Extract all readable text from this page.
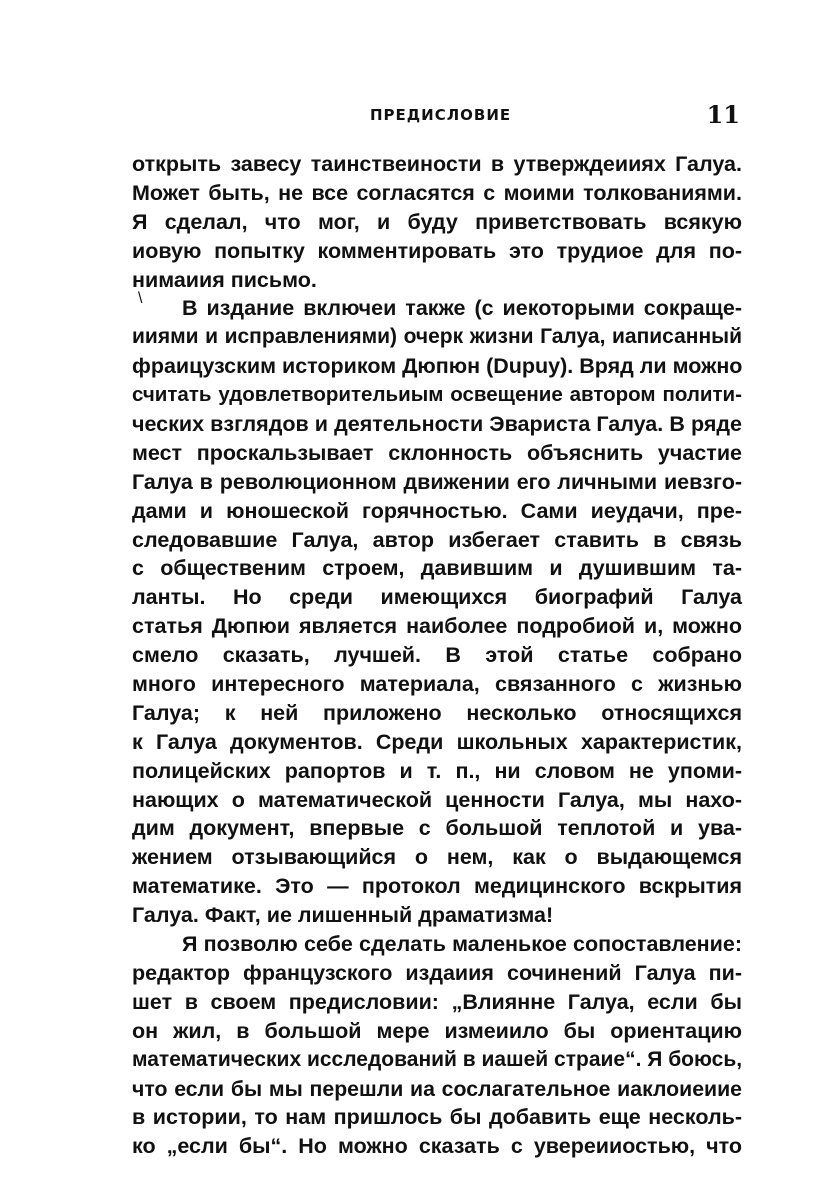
ПРЕДИСЛОВИЕ	11
\
открыть завесу таинствеиности в утверждеииях Галуа.
Может быть, не все согласятся с моими толкованиями.
Я сделал, что мог, и буду приветствовать всякую
иовую попытку комментировать это трудиое для по-
нимаиия письмо.
В издание включеи также (с иекоторыми сокраще-
ииями и исправлениями) очерк жизни Галуа, иаписанный
фраицузским историком Дюпюн (Dupuy). Вряд ли можно
считать удовлетворительиым освещение автором полити-
ческих взглядов и деятельности Эвариста Галуа. В ряде
мест проскальзывает склонность объяснить участие
Галуа в революционном движении его личными иевзго-
дами и юношеской горячностью. Сами иеудачи, пре-
следовавшие Галуа, автор избегает ставить в связь
с общественим строем, давившим и душившим та-
ланты. Но среди имеющихся биографий Галуа
статья Дюпюи является наиболее подробиой и, можно
смело сказать, лучшей. В этой статье собрано
много интересного материала, связанного с жизнью
Галуа; к ней приложено несколько относящихся
к Галуа документов. Среди школьных характеристик,
полицейских рапортов и т. п., ни словом не упоми-
нающих о математической ценности Галуа, мы нахо-
дим документ, впервые с большой теплотой и ува-
жением отзывающийся о нем, как о выдающемся
математике. Это — протокол медицинского вскрытия
Галуа. Факт, ие лишенный драматизма!
Я позволю себе сделать маленькое сопоставление:
редактор французского издаиия сочинений Галуа пи-
шет в своем предисловии: „Влиянне Галуа, если бы
он жил, в большой мере измеиило бы ориентацию
математических исследований в иашей страие“. Я боюсь,
что если бы мы перешли иа сослагательное иаклоиеиие
в истории, то нам пришлось бы добавить еще несколь-
ко „если бы“. Но можно сказать с увереииостью, что
